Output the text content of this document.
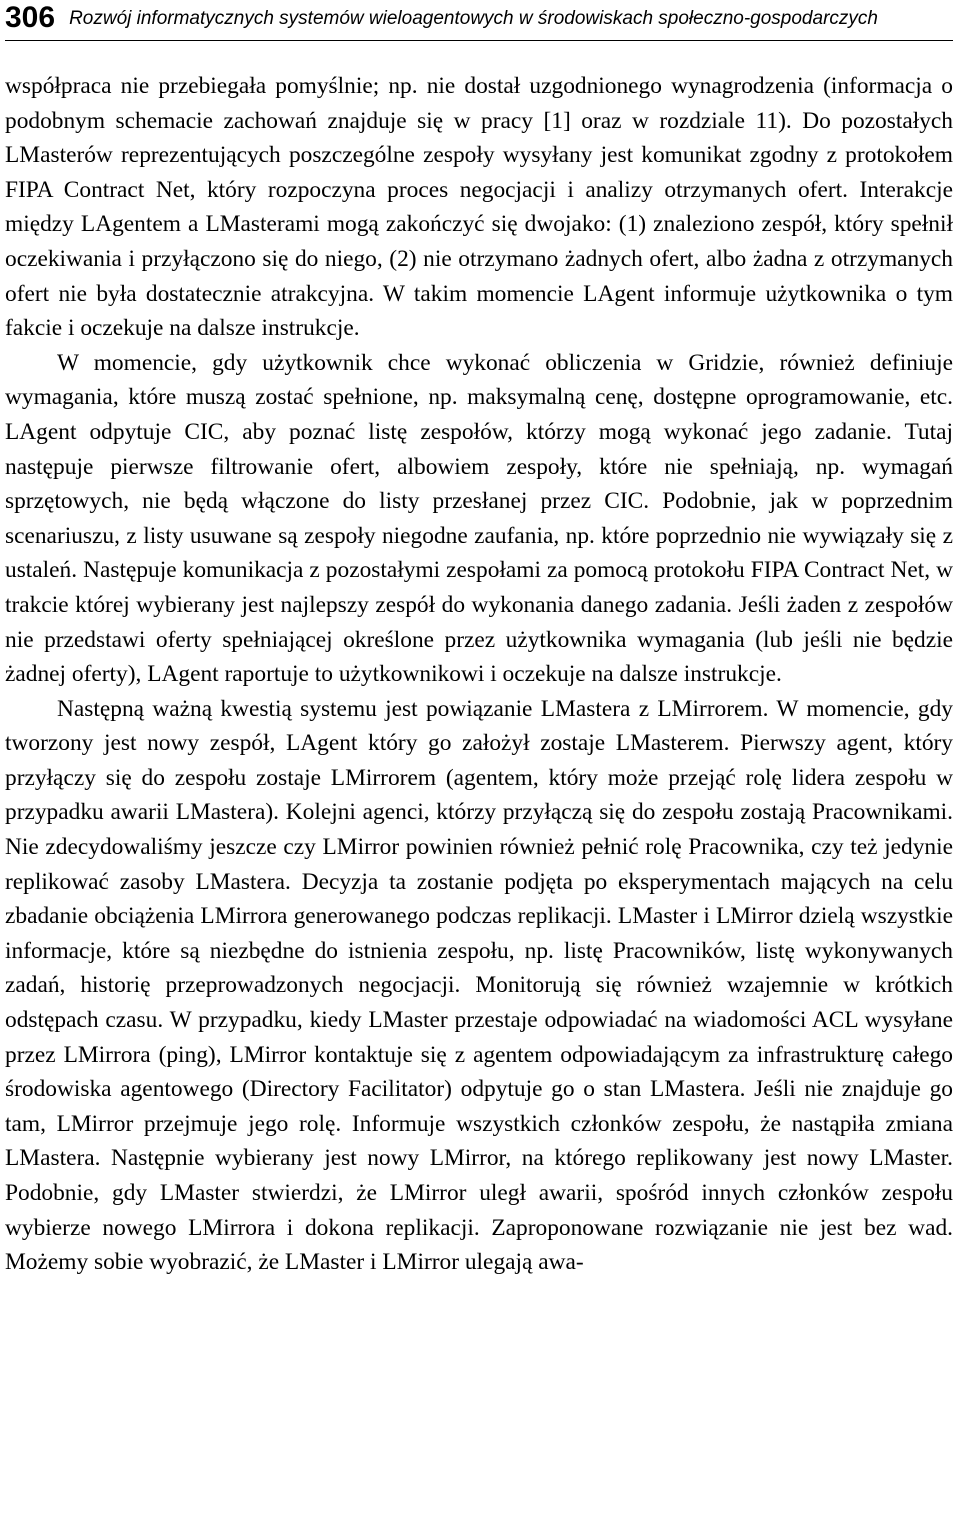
306 Rozwój informatycznych systemów wieloagentowych w środowiskach społeczno-gospodarczych

współpraca nie przebiegała pomyślnie; np. nie dostał uzgodnionego wynagrodzenia (informacja o podobnym schemacie zachowań znajduje się w pracy [1] oraz w rozdziale 11). Do pozostałych LMasterów reprezentujących poszczególne zespoły wysyłany jest komunikat zgodny z protokołem FIPA Contract Net, który rozpoczyna proces negocjacji i analizy otrzymanych ofert. Interakcje między LAgentem a LMasterami mogą zakończyć się dwojako: (1) znaleziono zespół, który spełnił oczekiwania i przyłączono się do niego, (2) nie otrzymano żadnych ofert, albo żadna z otrzymanych ofert nie była dostatecznie atrakcyjna. W takim momencie LAgent informuje użytkownika o tym fakcie i oczekuje na dalsze instrukcje.

W momencie, gdy użytkownik chce wykonać obliczenia w Gridzie, również definiuje wymagania, które muszą zostać spełnione, np. maksymalną cenę, dostępne oprogramowanie, etc. LAgent odpytuje CIC, aby poznać listę zespołów, którzy mogą wykonać jego zadanie. Tutaj następuje pierwsze filtrowanie ofert, albowiem zespoły, które nie spełniają, np. wymagań sprzętowych, nie będą włączone do listy przesłanej przez CIC. Podobnie, jak w poprzednim scenariuszu, z listy usuwane są zespoły niegodne zaufania, np. które poprzednio nie wywiązały się z ustaleń. Następuje komunikacja z pozostałymi zespołami za pomocą protokołu FIPA Contract Net, w trakcie której wybierany jest najlepszy zespół do wykonania danego zadania. Jeśli żaden z zespołów nie przedstawi oferty spełniającej określone przez użytkownika wymagania (lub jeśli nie będzie żadnej oferty), LAgent raportuje to użytkownikowi i oczekuje na dalsze instrukcje.

Następną ważną kwestią systemu jest powiązanie LMastera z LMirrorem. W momencie, gdy tworzony jest nowy zespół, LAgent który go założył zostaje LMasterem. Pierwszy agent, który przyłączy się do zespołu zostaje LMirrorem (agentem, który może przejąć rolę lidera zespołu w przypadku awarii LMastera). Kolejni agenci, którzy przyłączą się do zespołu zostają Pracownikami. Nie zdecydowaliśmy jeszcze czy LMirror powinien również pełnić rolę Pracownika, czy też jedynie replikować zasoby LMastera. Decyzja ta zostanie podjęta po eksperymentach mających na celu zbadanie obciążenia LMirrora generowanego podczas replikacji. LMaster i LMirror dzielą wszystkie informacje, które są niezbędne do istnienia zespołu, np. listę Pracowników, listę wykonywanych zadań, historię przeprowadzonych negocjacji. Monitorują się również wzajemnie w krótkich odstępach czasu. W przypadku, kiedy LMaster przestaje odpowiadać na wiadomości ACL wysyłane przez LMirrora (ping), LMirror kontaktuje się z agentem odpowiadającym za infrastrukturę całego środowiska agentowego (Directory Facilitator) odpytuje go o stan LMastera. Jeśli nie znajduje go tam, LMirror przejmuje jego rolę. Informuje wszystkich członków zespołu, że nastąpiła zmiana LMastera. Następnie wybierany jest nowy LMirror, na którego replikowany jest nowy LMaster. Podobnie, gdy LMaster stwierdzi, że LMirror uległ awarii, spośród innych członków zespołu wybierze nowego LMirrora i dokona replikacji. Zaproponowane rozwiązanie nie jest bez wad. Możemy sobie wyobrazić, że LMaster i LMirror ulegają awa-
